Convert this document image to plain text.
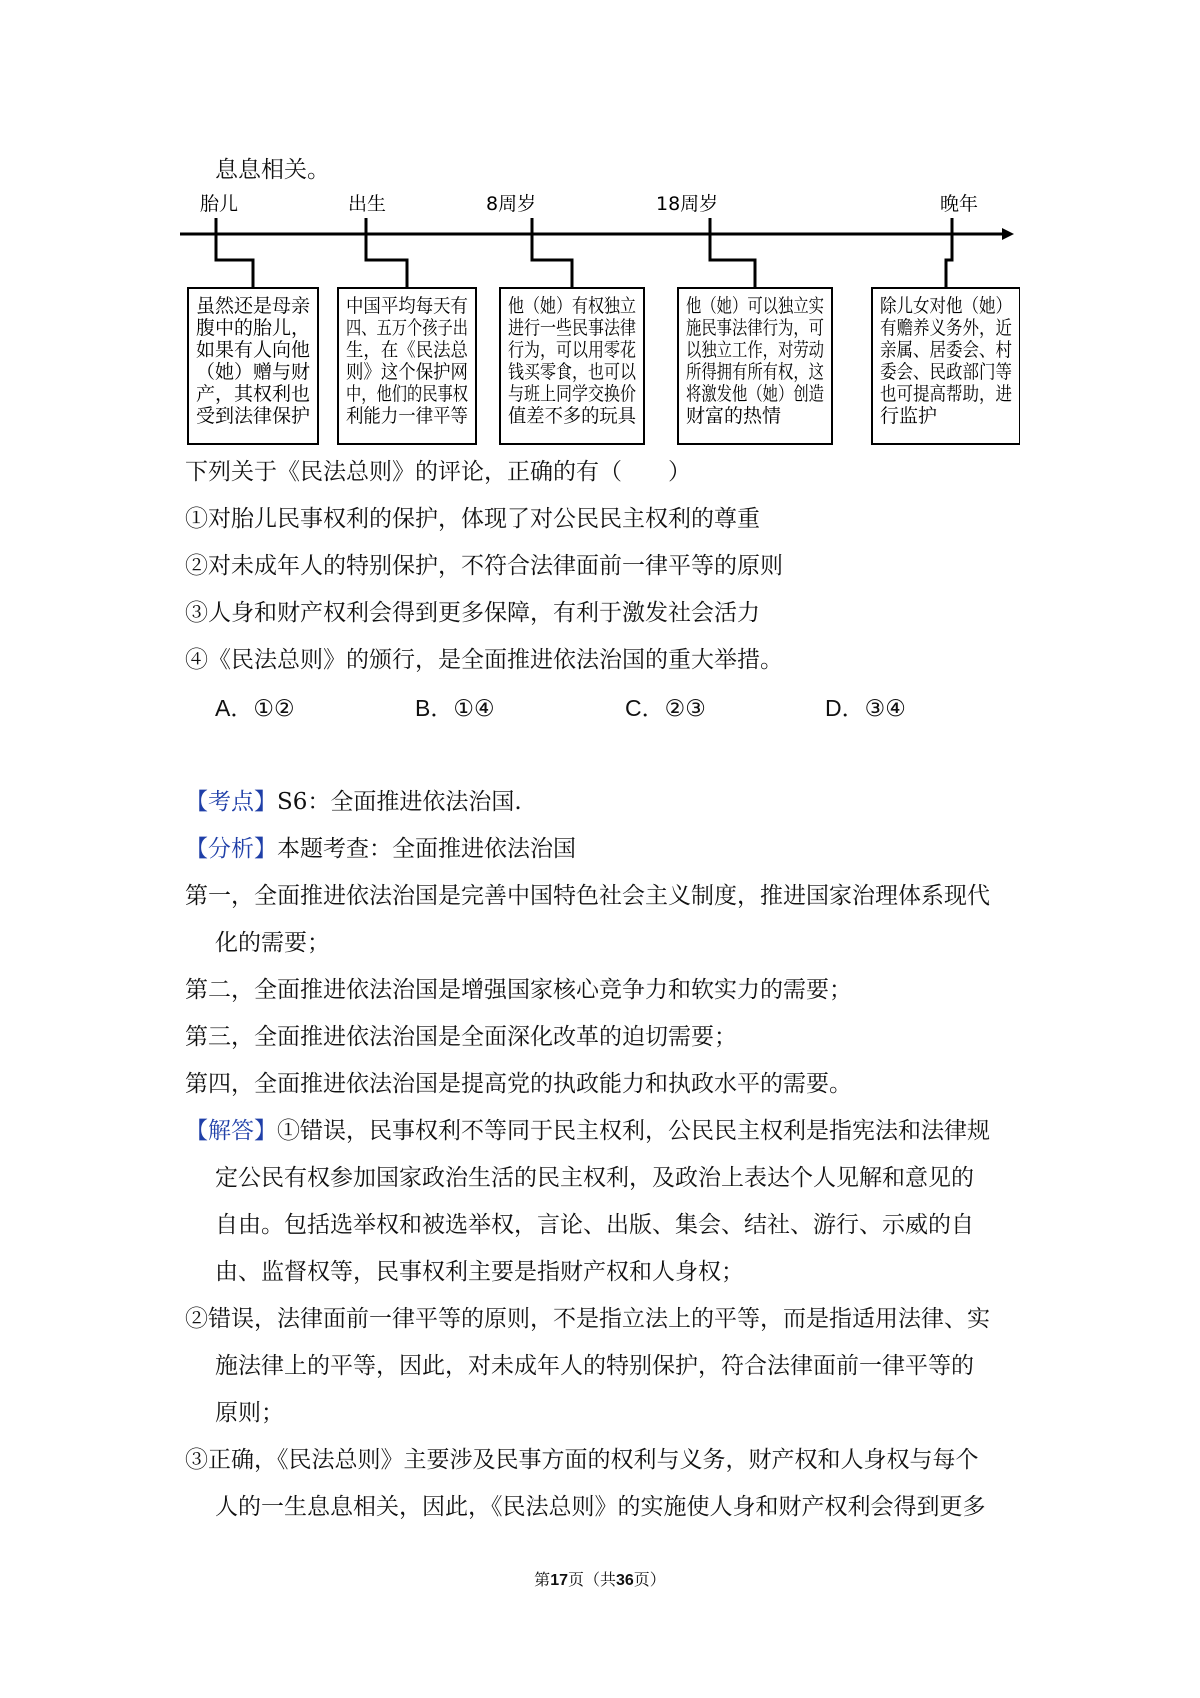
息息相关。
胎儿
虽然还是母亲
腹中的胎儿，
如果有人向他
（她）赠与财
产，其权利也
受到法律保护
出生
中国平均每天有
四、五万个孩子出
生，在《民法总
则》这个保护网
中，他们的民事权
利能力一律平等
8周岁
他（她）有权独立
进行一些民事法律
行为，可以用零花
钱买零食，也可以
与班上同学交换价
值差不多的玩具
18周岁
他（她）可以独立实
施民事法律行为，可
以独立工作，对劳动
所得拥有所有权，这
将激发他（她）创造
财富的热情
晚年
除儿女对他（她）
有赡养义务外，近
亲属、居委会、村
委会、民政部门等
也可提高帮助，进
行监护
下列关于《民法总则》的评论，正确的有（　　）
①对胎儿民事权利的保护，体现了对公民民主权利的尊重
②对未成年人的特别保护，不符合法律面前一律平等的原则
③人身和财产权利会得到更多保障，有利于激发社会活力
④《民法总则》的颁行，是全面推进依法治国的重大举措。
A．①②	B．①④	C．②③	D．③④
【考点】S6：全面推进依法治国.
【分析】本题考查：全面推进依法治国
第一，全面推进依法治国是完善中国特色社会主义制度，推进国家治理体系现代
化的需要；
第二，全面推进依法治国是增强国家核心竞争力和软实力的需要；
第三，全面推进依法治国是全面深化改革的迫切需要；
第四，全面推进依法治国是提高党的执政能力和执政水平的需要。
【解答】①错误，民事权利不等同于民主权利，公民民主权利是指宪法和法律规
定公民有权参加国家政治生活的民主权利，及政治上表达个人见解和意见的
自由。包括选举权和被选举权，言论、出版、集会、结社、游行、示威的自
由、监督权等，民事权利主要是指财产权和人身权；
②错误，法律面前一律平等的原则，不是指立法上的平等，而是指适用法律、实
施法律上的平等，因此，对未成年人的特别保护，符合法律面前一律平等的
原则；
③正确，《民法总则》主要涉及民事方面的权利与义务，财产权和人身权与每个
人的一生息息相关，因此，《民法总则》的实施使人身和财产权利会得到更多
第17页（共36页）
